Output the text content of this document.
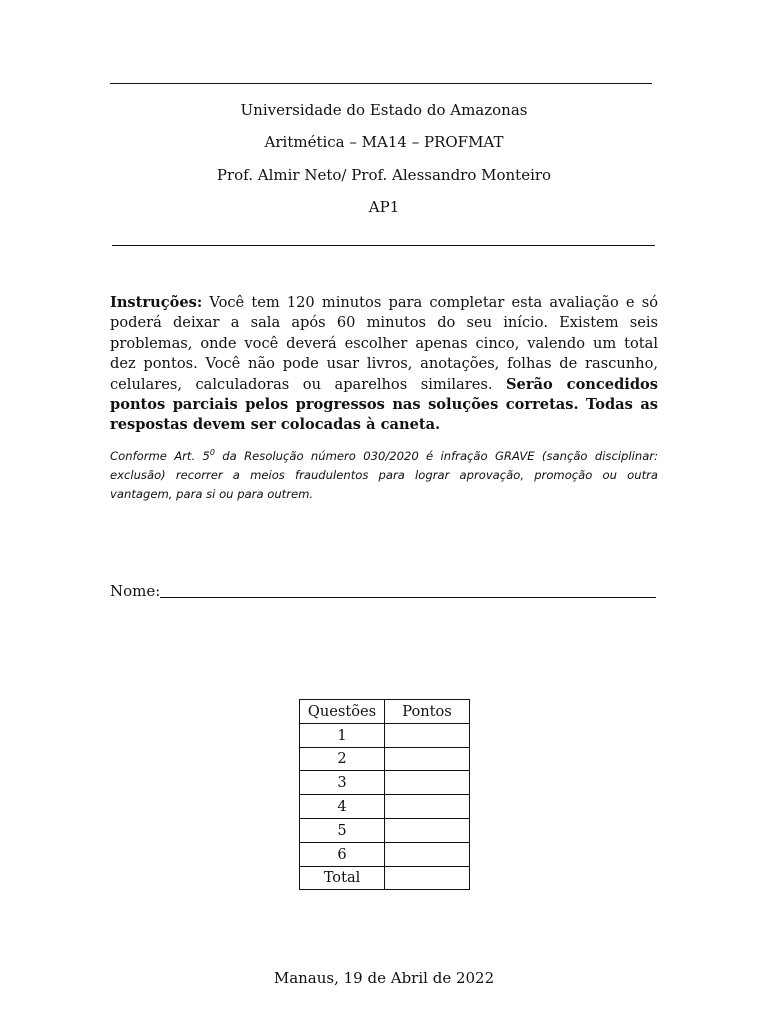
Universidade do Estado do Amazonas
Aritmética – MA14 – PROFMAT
Prof. Almir Neto/ Prof. Alessandro Monteiro
AP1
Instruções: Você tem 120 minutos para completar esta avaliação e só poderá deixar a sala após 60 minutos do seu início. Existem seis problemas, onde você deverá escolher apenas cinco, valendo um total dez pontos. Você não pode usar livros, anotações, folhas de rascunho, celulares, calculadoras ou aparelhos similares. Serão concedidos pontos parciais pelos progressos nas soluções corretas. Todas as respostas devem ser colocadas à caneta.
Conforme Art. $5^0$ da Resolução número 030/2020 é infração GRAVE (sanção disciplinar: exclusão) recorrer a meios fraudulentos para lograr aprovação, promoção ou outra vantagem, para si ou para outrem.
Nome:
Questões	Pontos
1	
2	
3	
4	
5	
6	
Total	
Manaus, 19 de Abril de 2022
